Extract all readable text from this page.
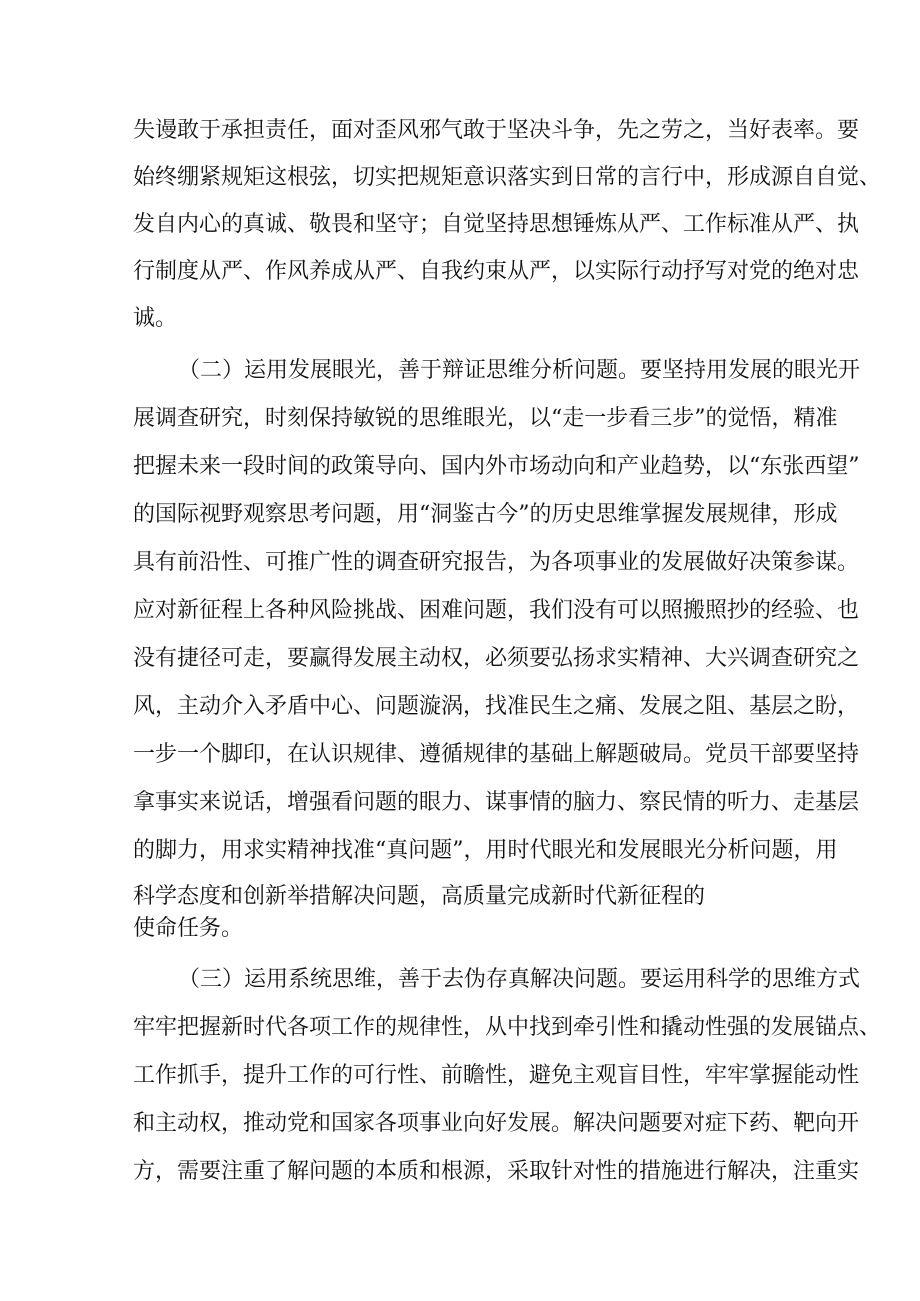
失谩敢于承担责任，面对歪风邪气敢于坚决斗争，先之劳之，当好表率。要
始终绷紧规矩这根弦，切实把规矩意识落实到日常的言行中，形成源自自觉、
发自内心的真诚、敬畏和坚守；自觉坚持思想锤炼从严、工作标准从严、执
行制度从严、作风养成从严、自我约束从严，以实际行动抒写对党的绝对忠
诚。
（二）运用发展眼光，善于辩证思维分析问题。要坚持用发展的眼光开
展调查研究，时刻保持敏锐的思维眼光，以“走一步看三步”的觉悟，精准
把握未来一段时间的政策导向、国内外市场动向和产业趋势，以“东张西望”
的国际视野观察思考问题，用“洞鉴古今”的历史思维掌握发展规律，形成
具有前沿性、可推广性的调查研究报告，为各项事业的发展做好决策参谋。
应对新征程上各种风险挑战、困难问题，我们没有可以照搬照抄的经验、也
没有捷径可走，要赢得发展主动权，必须要弘扬求实精神、大兴调查研究之
风，主动介入矛盾中心、问题漩涡，找准民生之痛、发展之阻、基层之盼，
一步一个脚印，在认识规律、遵循规律的基础上解题破局。党员干部要坚持
拿事实来说话，增强看问题的眼力、谋事情的脑力、察民情的听力、走基层
的脚力，用求实精神找准“真问题”，用时代眼光和发展眼光分析问题，用
科学态度和创新举措解决问题，高质量完成新时代新征程的
使命任务。
（三）运用系统思维，善于去伪存真解决问题。要运用科学的思维方式
牢牢把握新时代各项工作的规律性，从中找到牵引性和撬动性强的发展锚点、
工作抓手，提升工作的可行性、前瞻性，避免主观盲目性，牢牢掌握能动性
和主动权，推动党和国家各项事业向好发展。解决问题要对症下药、靶向开
方，需要注重了解问题的本质和根源，采取针对性的措施进行解决，注重实
